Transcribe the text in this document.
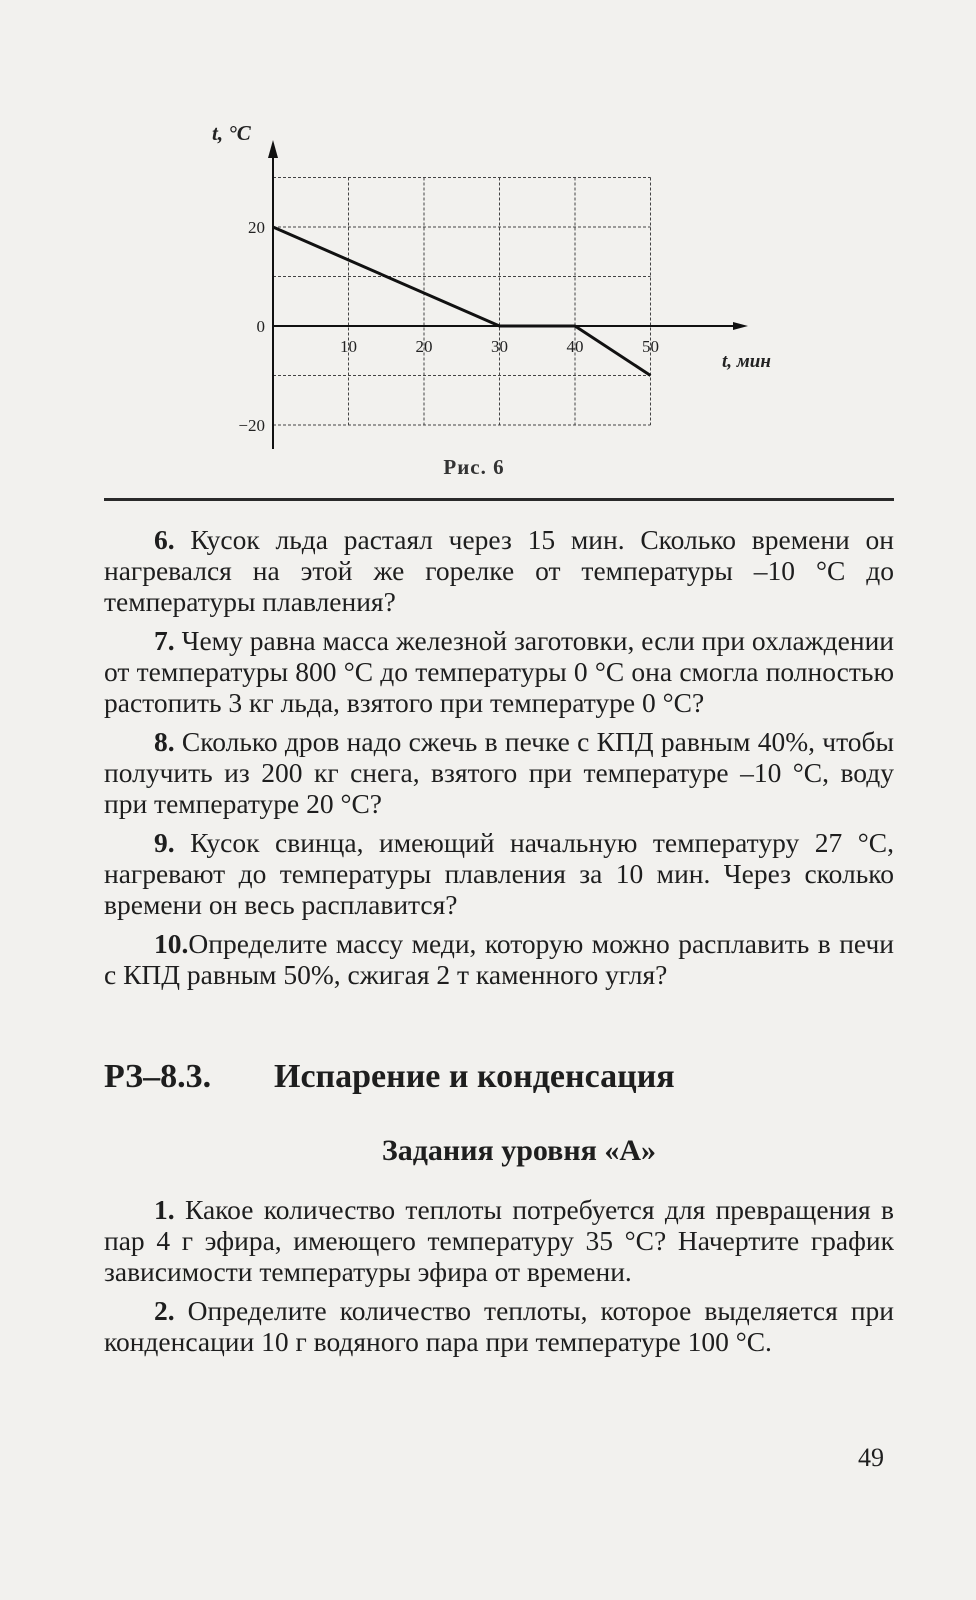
10	20	30	40	50
20
0
−20
t, °C
t, мин
Рис. 6

6. Кусок льда растаял через 15 мин. Сколько времени он нагревался на этой же горелке от температуры –10 °С до температуры плавления?

7. Чему равна масса железной заготовки, если при охлаждении от температуры 800 °С до температуры 0 °С она смогла полностью растопить 3 кг льда, взятого при температуре 0 °С?

8. Сколько дров надо сжечь в печке с КПД равным 40%, чтобы получить из 200 кг снега, взятого при температуре –10 °С, воду при температуре 20 °С?

9. Кусок свинца, имеющий начальную температуру 27 °С, нагревают до температуры плавления за 10 мин. Через сколько времени он весь расплавится?

10.Определите массу меди, которую можно расплавить в печи с КПД равным 50%, сжигая 2 т каменного угля?

РЗ–8.3. Испарение и конденсация
Задания уровня «А»

1. Какое количество теплоты потребуется для превращения в пар 4 г эфира, имеющего температуру 35 °С? Начертите график зависимости температуры эфира от времени.

2. Определите количество теплоты, которое выделяется при конденсации 10 г водяного пара при температуре 100 °С.

49
